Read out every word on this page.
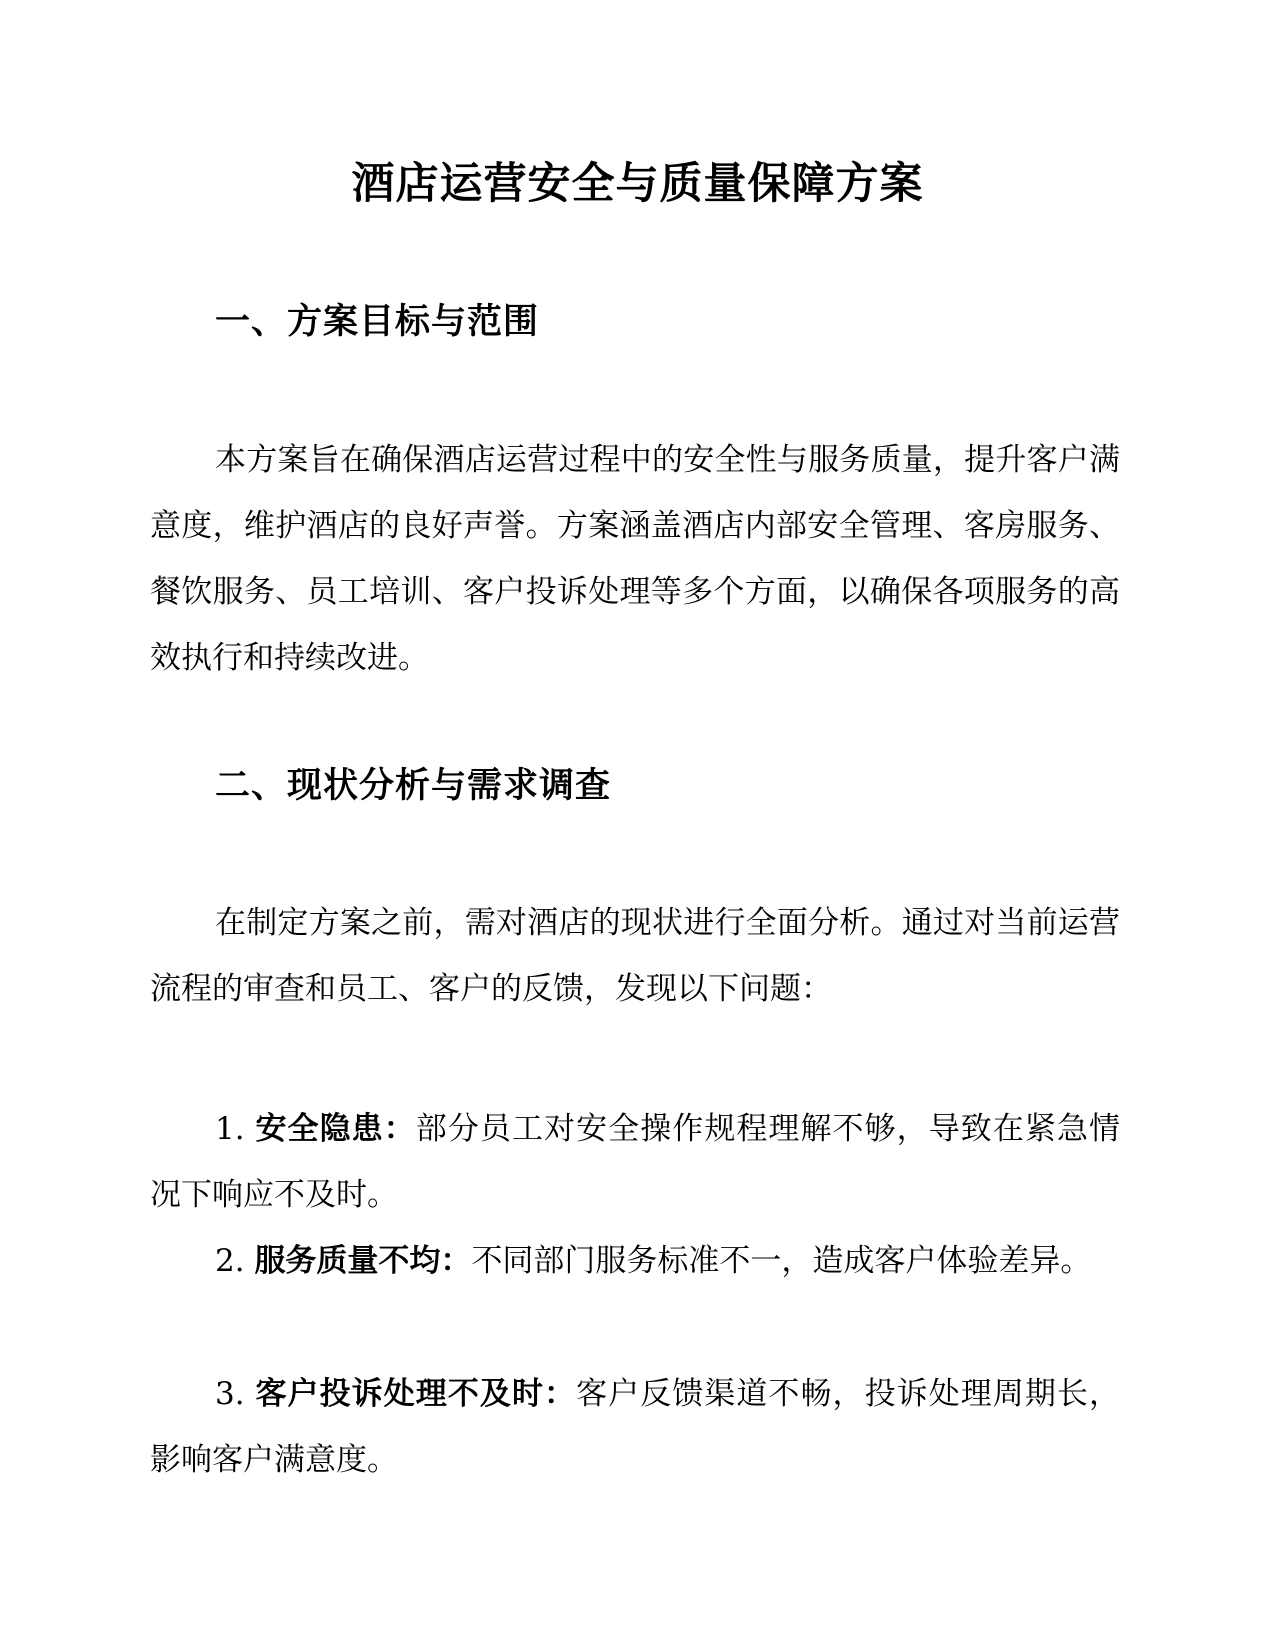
酒店运营安全与质量保障方案
一、方案目标与范围

本方案旨在确保酒店运营过程中的安全性与服务质量，提升客户满意度，维护酒店的良好声誉。方案涵盖酒店内部安全管理、客房服务、餐饮服务、员工培训、客户投诉处理等多个方面，以确保各项服务的高效执行和持续改进。

二、现状分析与需求调查

在制定方案之前，需对酒店的现状进行全面分析。通过对当前运营流程的审查和员工、客户的反馈，发现以下问题：

1. 安全隐患：部分员工对安全操作规程理解不够，导致在紧急情况下响应不及时。

2. 服务质量不均：不同部门服务标准不一，造成客户体验差异。

3. 客户投诉处理不及时：客户反馈渠道不畅，投诉处理周期长，影响客户满意度。
